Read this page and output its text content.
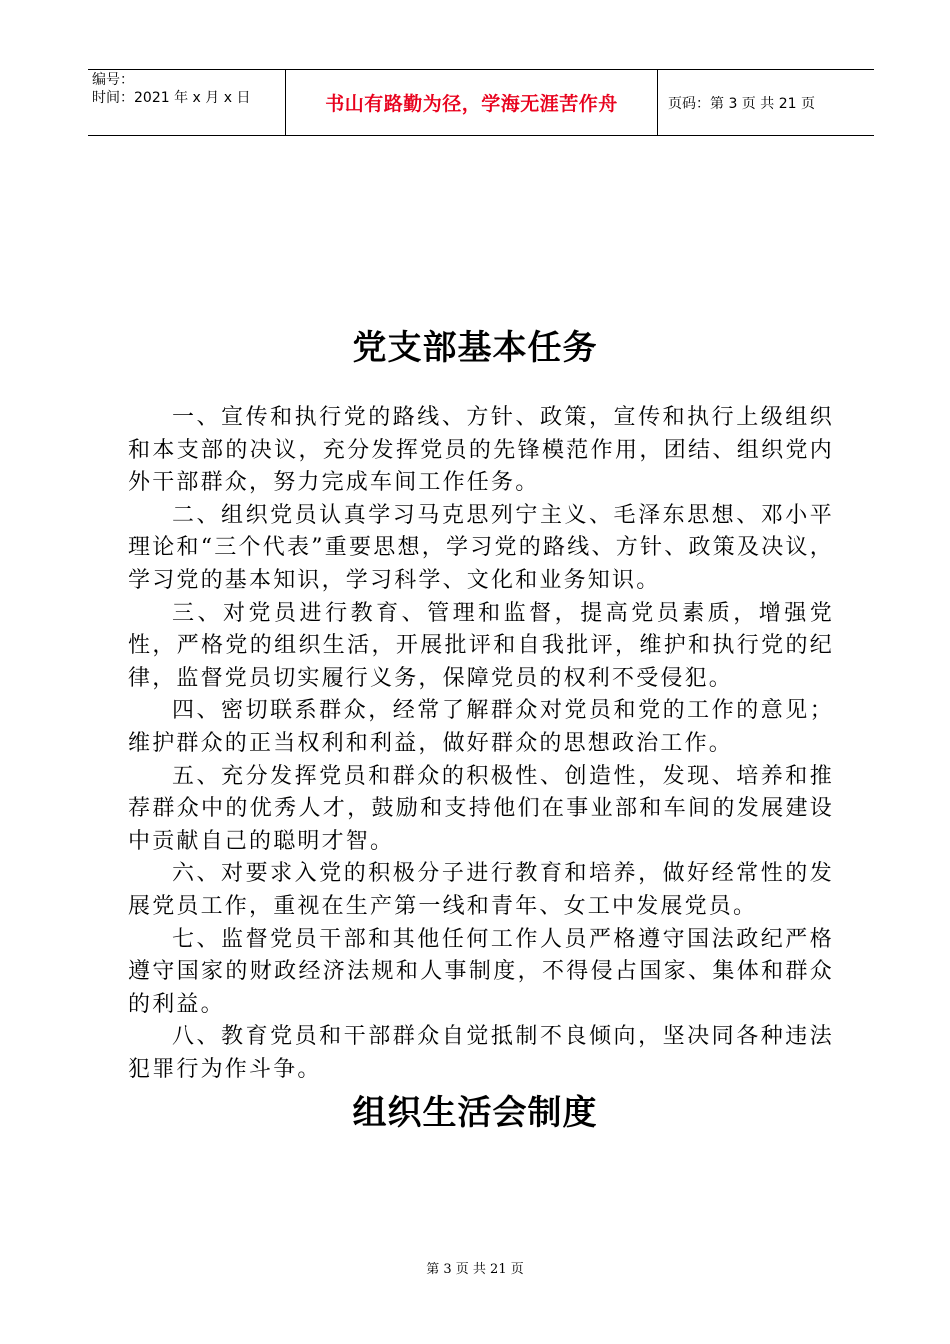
编号：
时间：2021 年 x 月 x 日	书山有路勤为径，学海无涯苦作舟	页码：第 3 页 共 21 页
党支部基本任务

一、宣传和执行党的路线、方针、政策，宣传和执行上级组织和本支部的决议，充分发挥党员的先锋模范作用，团结、组织党内外干部群众，努力完成车间工作任务。

二、组织党员认真学习马克思列宁主义、毛泽东思想、邓小平理论和“三个代表”重要思想，学习党的路线、方针、政策及决议，学习党的基本知识，学习科学、文化和业务知识。

三、对党员进行教育、管理和监督，提高党员素质，增强党性，严格党的组织生活，开展批评和自我批评，维护和执行党的纪律，监督党员切实履行义务，保障党员的权利不受侵犯。

四、密切联系群众，经常了解群众对党员和党的工作的意见；维护群众的正当权利和利益，做好群众的思想政治工作。

五、充分发挥党员和群众的积极性、创造性，发现、培养和推荐群众中的优秀人才，鼓励和支持他们在事业部和车间的发展建设中贡献自己的聪明才智。

六、对要求入党的积极分子进行教育和培养，做好经常性的发展党员工作，重视在生产第一线和青年、女工中发展党员。

七、监督党员干部和其他任何工作人员严格遵守国法政纪严格遵守国家的财政经济法规和人事制度，不得侵占国家、集体和群众的利益。

八、教育党员和干部群众自觉抵制不良倾向，坚决同各种违法犯罪行为作斗争。

组织生活会制度
第 3 页 共 21 页
